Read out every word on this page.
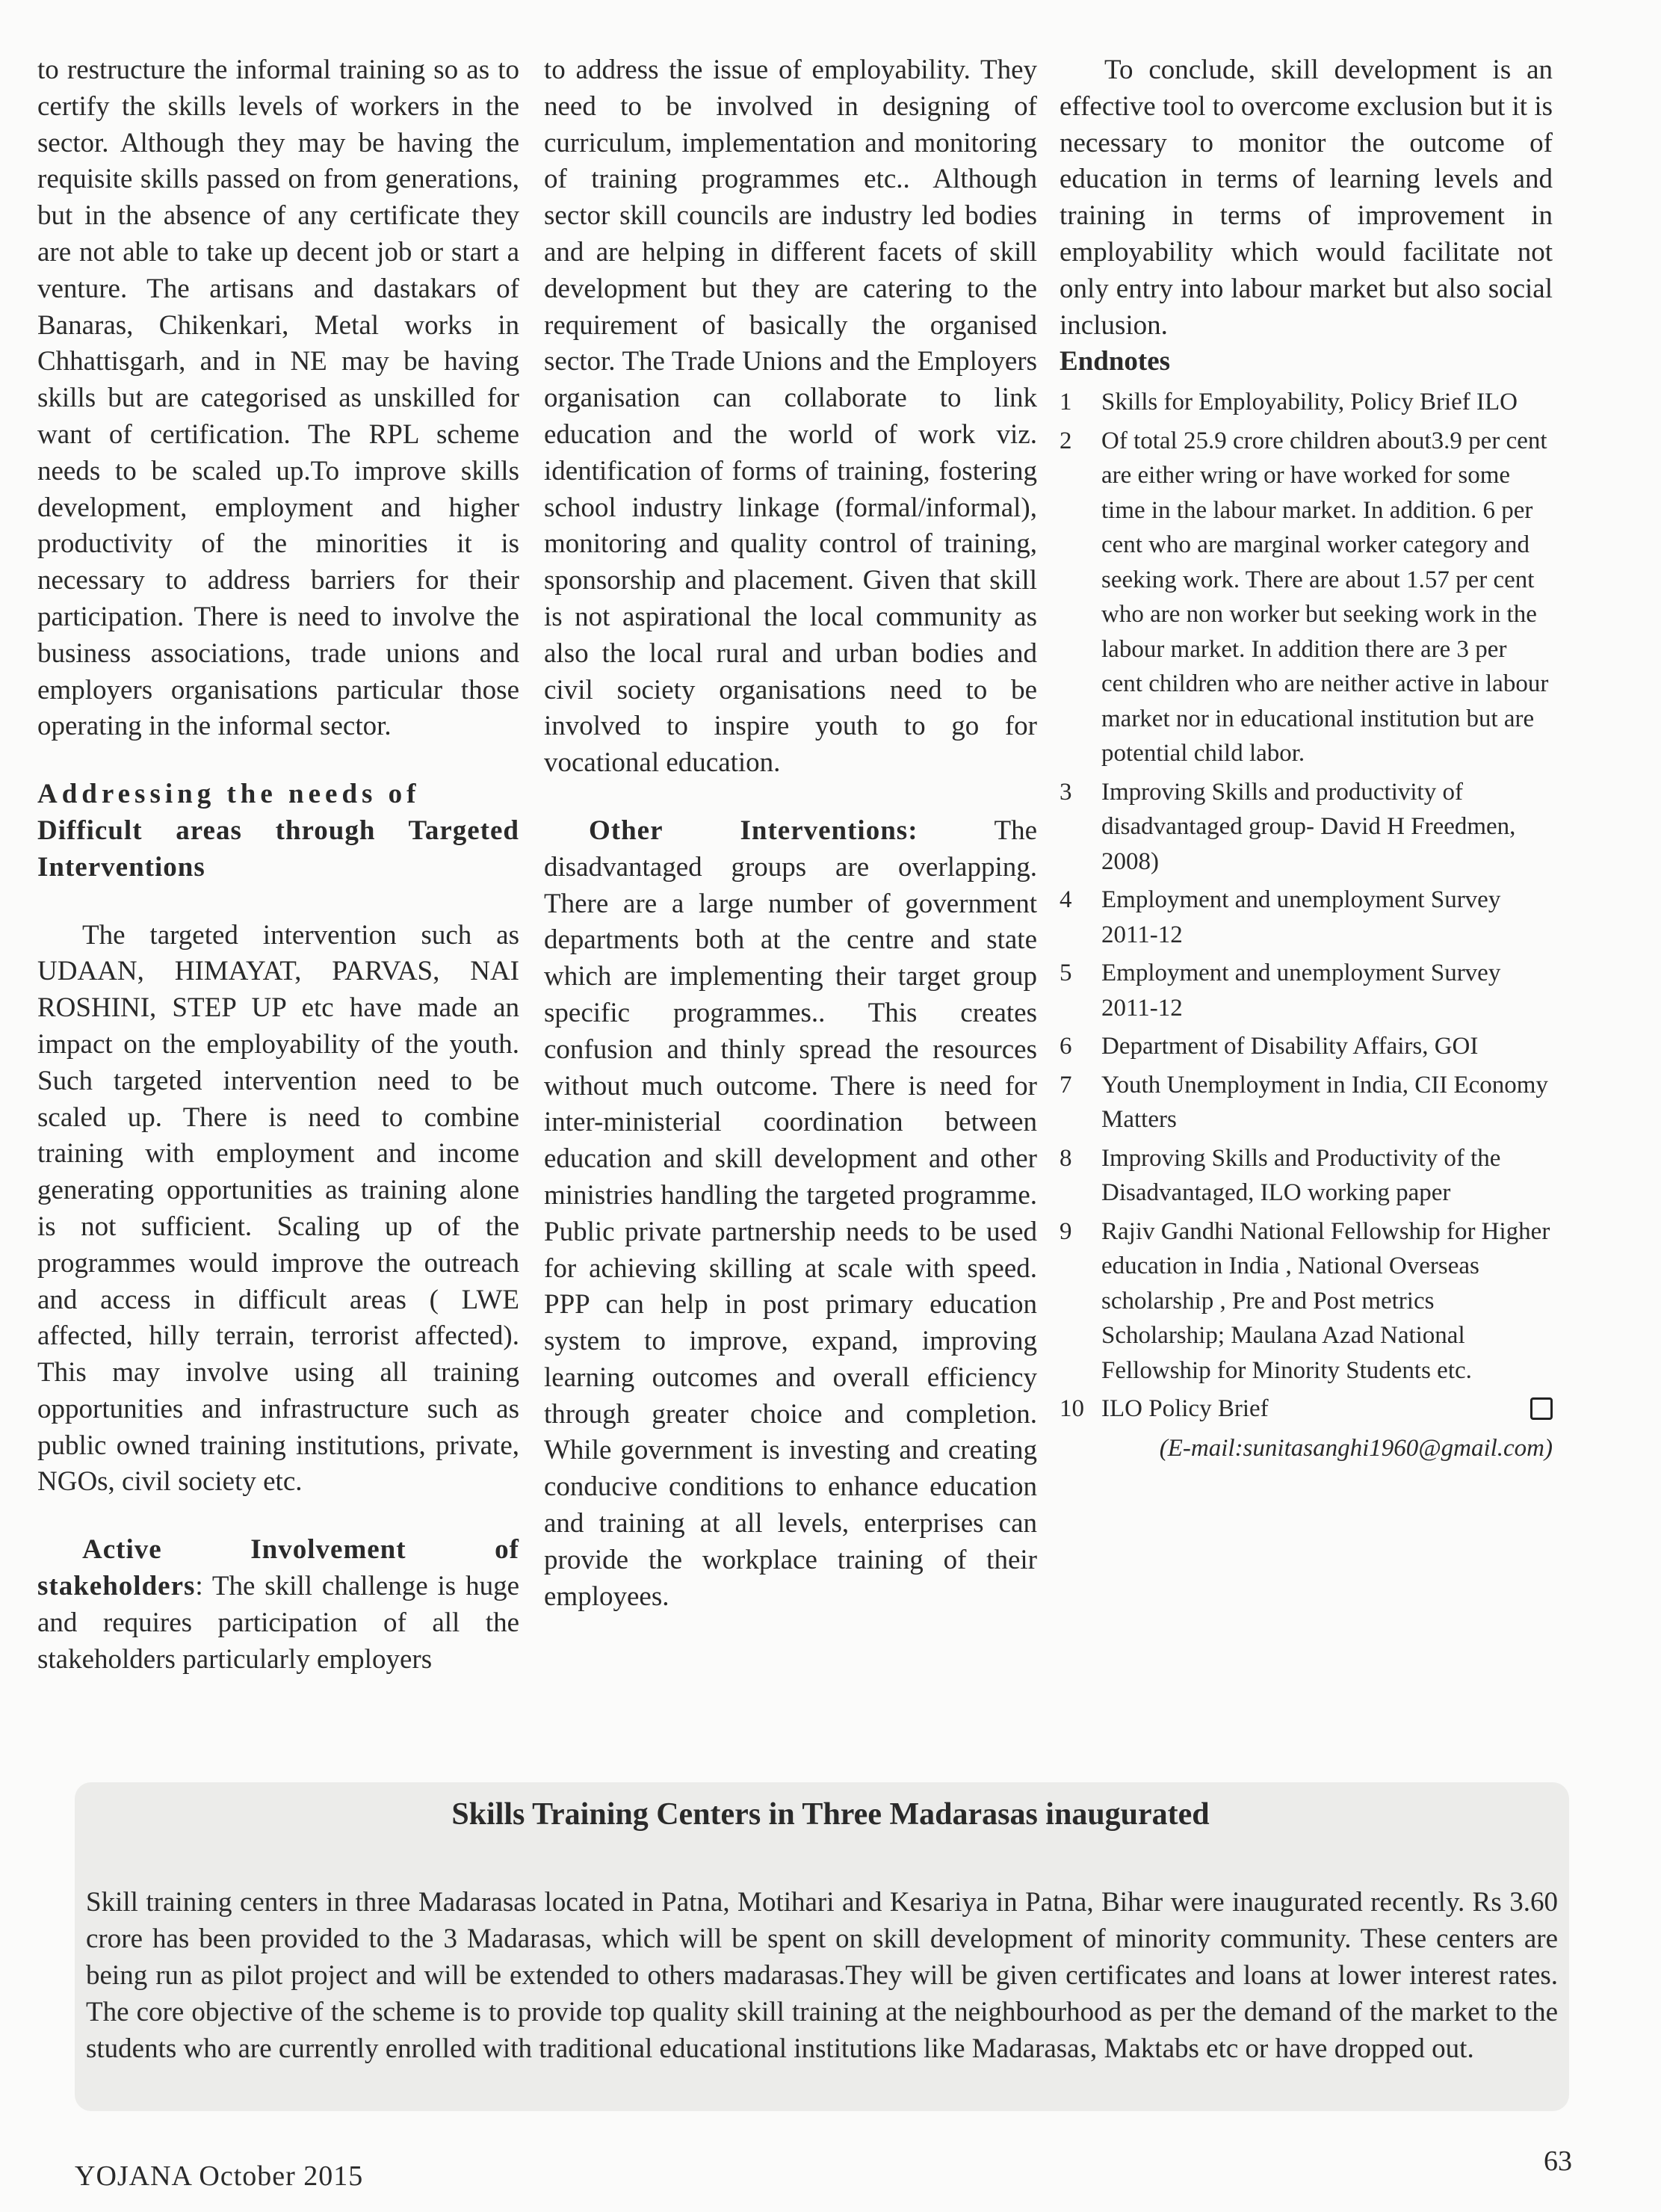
to restructure the informal training so as to certify the skills levels of workers in the sector. Although they may be having the requisite skills passed on from generations, but in the absence of any certificate they are not able to take up decent job or start a venture. The artisans and dastakars of Banaras, Chikenkari, Metal works in Chhattisgarh, and in NE may be having skills but are categorised as unskilled for want of certification. The RPL scheme needs to be scaled up.To improve skills development, employment and higher productivity of the minorities it is necessary to address barriers for their participation. There is need to involve the business associations, trade unions and employers organisations particular those operating in the informal sector.

Addressing the needs of
Difficult areas through Targeted Interventions

The targeted intervention such as UDAAN, HIMAYAT, PARVAS, NAI ROSHINI, STEP UP etc have made an impact on the employability of the youth. Such targeted intervention need to be scaled up. There is need to combine training with employment and income generating opportunities as training alone is not sufficient. Scaling up of the programmes would improve the outreach and access in difficult areas ( LWE affected, hilly terrain, terrorist affected). This may involve using all training opportunities and infrastructure such as public owned training institutions, private, NGOs, civil society etc.

Active Involvement of stakeholders: The skill challenge is huge and requires participation of all the stakeholders particularly employers

to address the issue of employability. They need to be involved in designing of curriculum, implementation and monitoring of training programmes etc.. Although sector skill councils are industry led bodies and are helping in different facets of skill development but they are catering to the requirement of basically the organised sector. The Trade Unions and the Employers organisation can collaborate to link education and the world of work viz. identification of forms of training, fostering school industry linkage (formal/informal), monitoring and quality control of training, sponsorship and placement. Given that skill is not aspirational the local community as also the local rural and urban bodies and civil society organisations need to be involved to inspire youth to go for vocational education.

Other Interventions: The disadvantaged groups are overlapping. There are a large number of government departments both at the centre and state which are implementing their target group specific programmes.. This creates confusion and thinly spread the resources without much outcome. There is need for inter-ministerial coordination between education and skill development and other ministries handling the targeted programme. Public private partnership needs to be used for achieving skilling at scale with speed. PPP can help in post primary education system to improve, expand, improving learning outcomes and overall efficiency through greater choice and completion. While government is investing and creating conducive conditions to enhance education and training at all levels, enterprises can provide the workplace training of their employees.

To conclude, skill development is an effective tool to overcome exclusion but it is necessary to monitor the outcome of education in terms of learning levels and training in terms of improvement in employability which would facilitate not only entry into labour market but also social inclusion.

Endnotes

1	Skills for Employability, Policy Brief ILO
2	Of total 25.9 crore children about3.9 per cent are either wring or have worked for some time in the labour market. In addition. 6 per cent who are marginal worker category and seeking work. There are about 1.57 per cent who are non worker but seeking work in the labour market. In addition there are 3 per cent children who are neither active in labour market nor in educational institution but are potential child labor.
3	Improving Skills and productivity of disadvantaged group- David H Freedmen, 2008)
4	Employment and unemployment Survey 2011-12
5	Employment and unemployment Survey 2011-12
6	Department of Disability Affairs, GOI
7	Youth Unemployment in India, CII Economy Matters
8	Improving Skills and Productivity of the Disadvantaged, ILO working paper
9	Rajiv Gandhi National Fellowship for Higher education in India , National Overseas scholarship , Pre and Post metrics Scholarship; Maulana Azad National Fellowship for Minority Students etc.
10 ILO Policy Brief

(E-mail:sunitasanghi1960@gmail.com)

Skills Training Centers in Three Madarasas inaugurated

Skill training centers in three Madarasas located in Patna, Motihari and Kesariya in Patna, Bihar were inaugurated recently. Rs 3.60 crore has been provided to the 3 Madarasas, which will be spent on skill development of minority community. These centers are being run as pilot project and will be extended to others madarasas.They will be given certificates and loans at lower interest rates. The core objective of the scheme is to provide top quality skill training at the neighbourhood as per the demand of the market to the students who are currently enrolled with traditional educational institutions like Madarasas, Maktabs etc or have dropped out.

YOJANA October 2015	63
